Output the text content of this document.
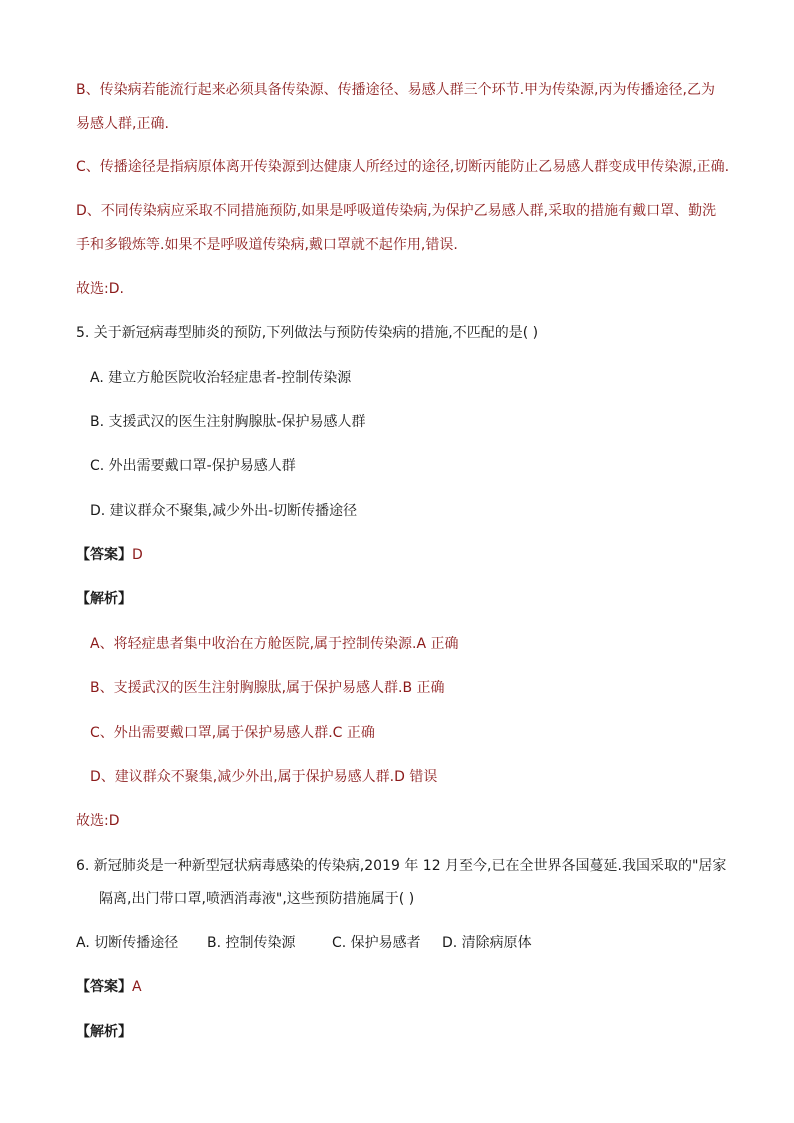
B、传染病若能流行起来必须具备传染源、传播途径、易感人群三个环节.甲为传染源,丙为传播途径,乙为
易感人群,正确.
C、传播途径是指病原体离开传染源到达健康人所经过的途径,切断丙能防止乙易感人群变成甲传染源,正确.
D、不同传染病应采取不同措施预防,如果是呼吸道传染病,为保护乙易感人群,采取的措施有戴口罩、勤洗
手和多锻炼等.如果不是呼吸道传染病,戴口罩就不起作用,错误.
故选:D.
5. 关于新冠病毒型肺炎的预防,下列做法与预防传染病的措施,不匹配的是( )
A. 建立方舱医院收治轻症患者-控制传染源
B. 支援武汉的医生注射胸腺肽-保护易感人群
C. 外出需要戴口罩-保护易感人群
D. 建议群众不聚集,减少外出-切断传播途径
【答案】D
【解析】
A、将轻症患者集中收治在方舱医院,属于控制传染源.A 正确
B、支援武汉的医生注射胸腺肽,属于保护易感人群.B 正确
C、外出需要戴口罩,属于保护易感人群.C 正确
D、建议群众不聚集,减少外出,属于保护易感人群.D 错误
故选:D
6. 新冠肺炎是一种新型冠状病毒感染的传染病,2019 年 12 月至今,已在全世界各国蔓延.我国采取的"居家
隔离,出门带口罩,喷洒消毒液",这些预防措施属于( )
A. 切断传播途径 B. 控制传染源	C. 保护易感者 D. 清除病原体
【答案】A
【解析】
